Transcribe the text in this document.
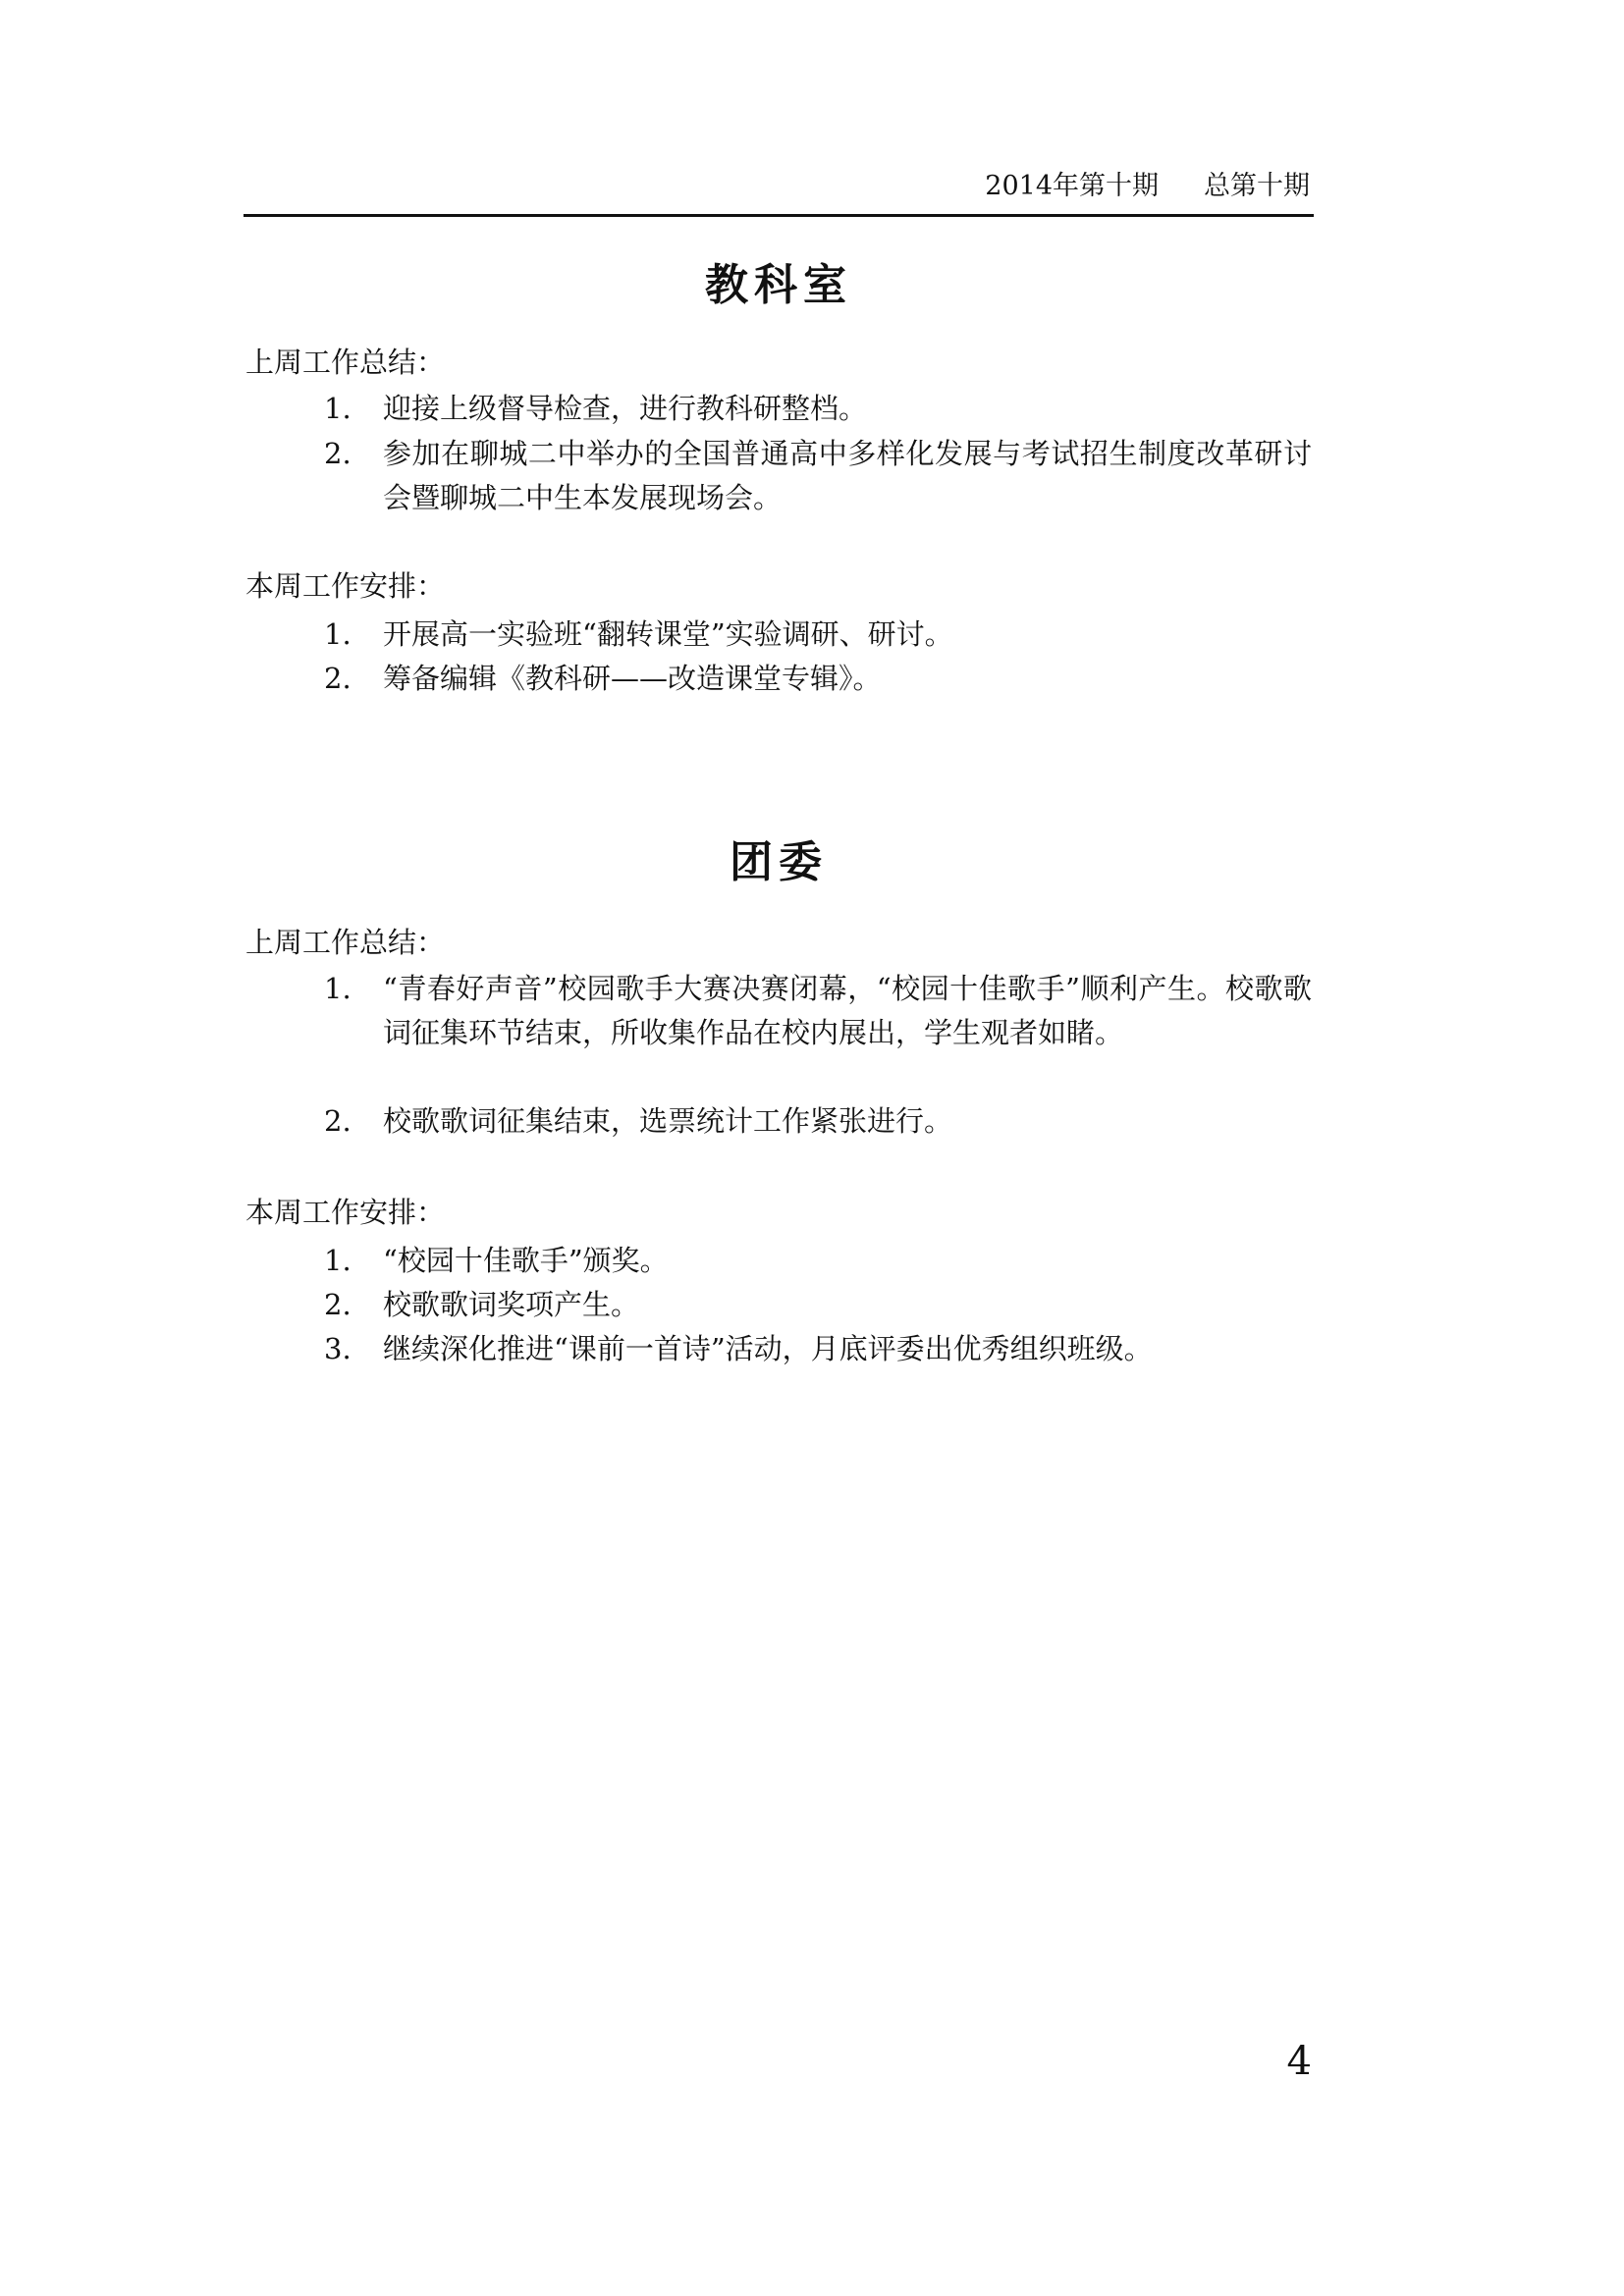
2014年第十期 总第十期
教科室
上周工作总结：
1.	迎接上级督导检查，进行教科研整档。
2.	参加在聊城二中举办的全国普通高中多样化发展与考试招生制度改革研讨会暨聊城二中生本发展现场会。
本周工作安排：
1.	开展高一实验班“翻转课堂”实验调研、研讨。
2.	筹备编辑《教科研——改造课堂专辑》。
团委
上周工作总结：
1.	“青春好声音”校园歌手大赛决赛闭幕，“校园十佳歌手”顺利产生。校歌歌词征集环节结束，所收集作品在校内展出，学生观者如睹。
2.	校歌歌词征集结束，选票统计工作紧张进行。
本周工作安排：
1.	“校园十佳歌手”颁奖。
2.	校歌歌词奖项产生。
3.	继续深化推进“课前一首诗”活动，月底评委出优秀组织班级。
4
